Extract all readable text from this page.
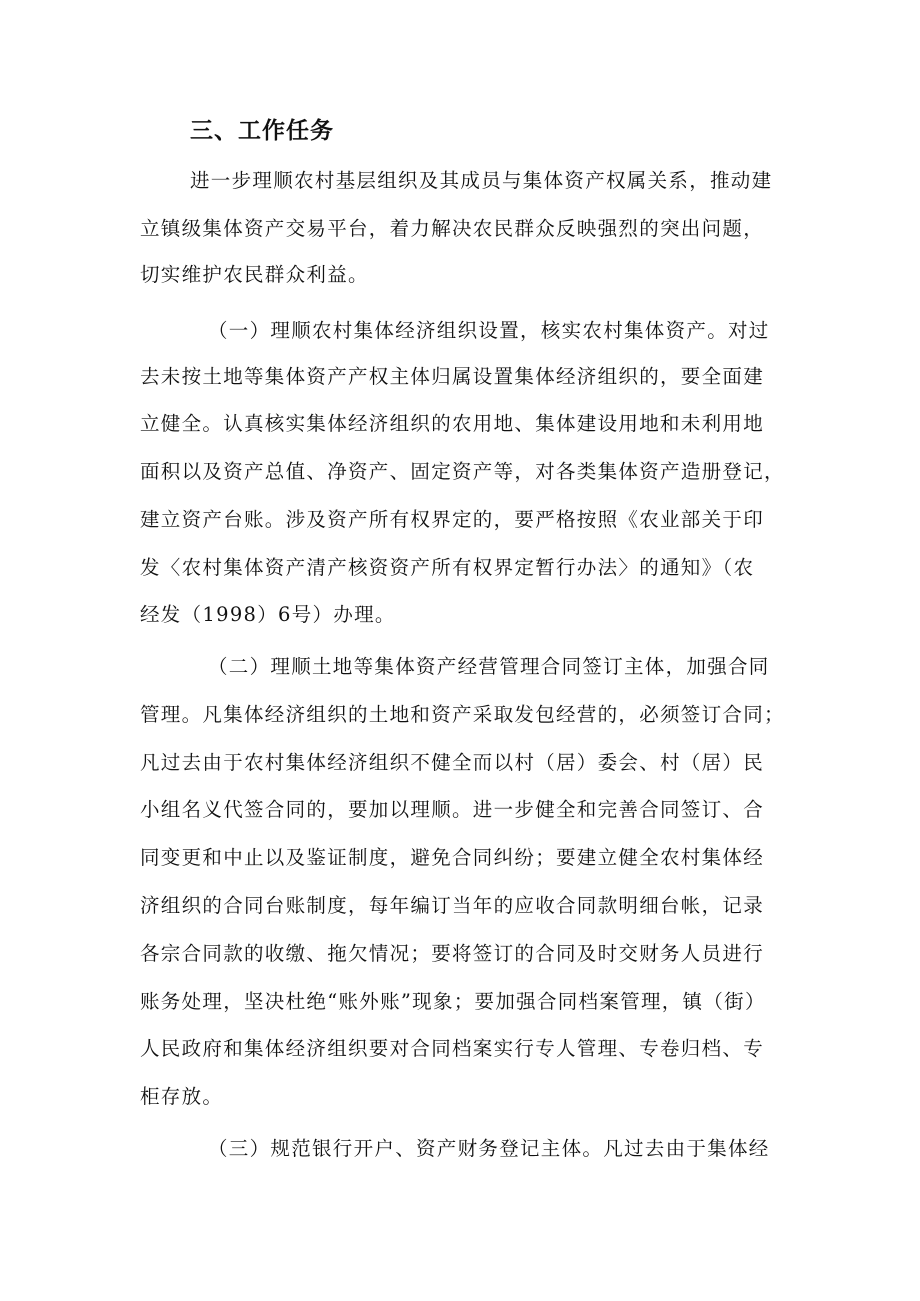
三、工作任务
进一步理顺农村基层组织及其成员与集体资产权属关系，推动建
立镇级集体资产交易平台，着力解决农民群众反映强烈的突出问题，
切实维护农民群众利益。
（一）理顺农村集体经济组织设置，核实农村集体资产。对过
去未按土地等集体资产产权主体归属设置集体经济组织的，要全面建
立健全。认真核实集体经济组织的农用地、集体建设用地和未利用地
面积以及资产总值、净资产、固定资产等，对各类集体资产造册登记，
建立资产台账。涉及资产所有权界定的，要严格按照《农业部关于印
发〈农村集体资产清产核资资产所有权界定暂行办法〉的通知》（农
经发（1998）6号）办理。
（二）理顺土地等集体资产经营管理合同签订主体，加强合同
管理。凡集体经济组织的土地和资产采取发包经营的，必须签订合同；
凡过去由于农村集体经济组织不健全而以村（居）委会、村（居）民
小组名义代签合同的，要加以理顺。进一步健全和完善合同签订、合
同变更和中止以及鉴证制度，避免合同纠纷；要建立健全农村集体经
济组织的合同台账制度，每年编订当年的应收合同款明细台帐，记录
各宗合同款的收缴、拖欠情况；要将签订的合同及时交财务人员进行
账务处理，坚决杜绝“账外账”现象；要加强合同档案管理，镇（街）
人民政府和集体经济组织要对合同档案实行专人管理、专卷归档、专
柜存放。
（三）规范银行开户、资产财务登记主体。凡过去由于集体经
